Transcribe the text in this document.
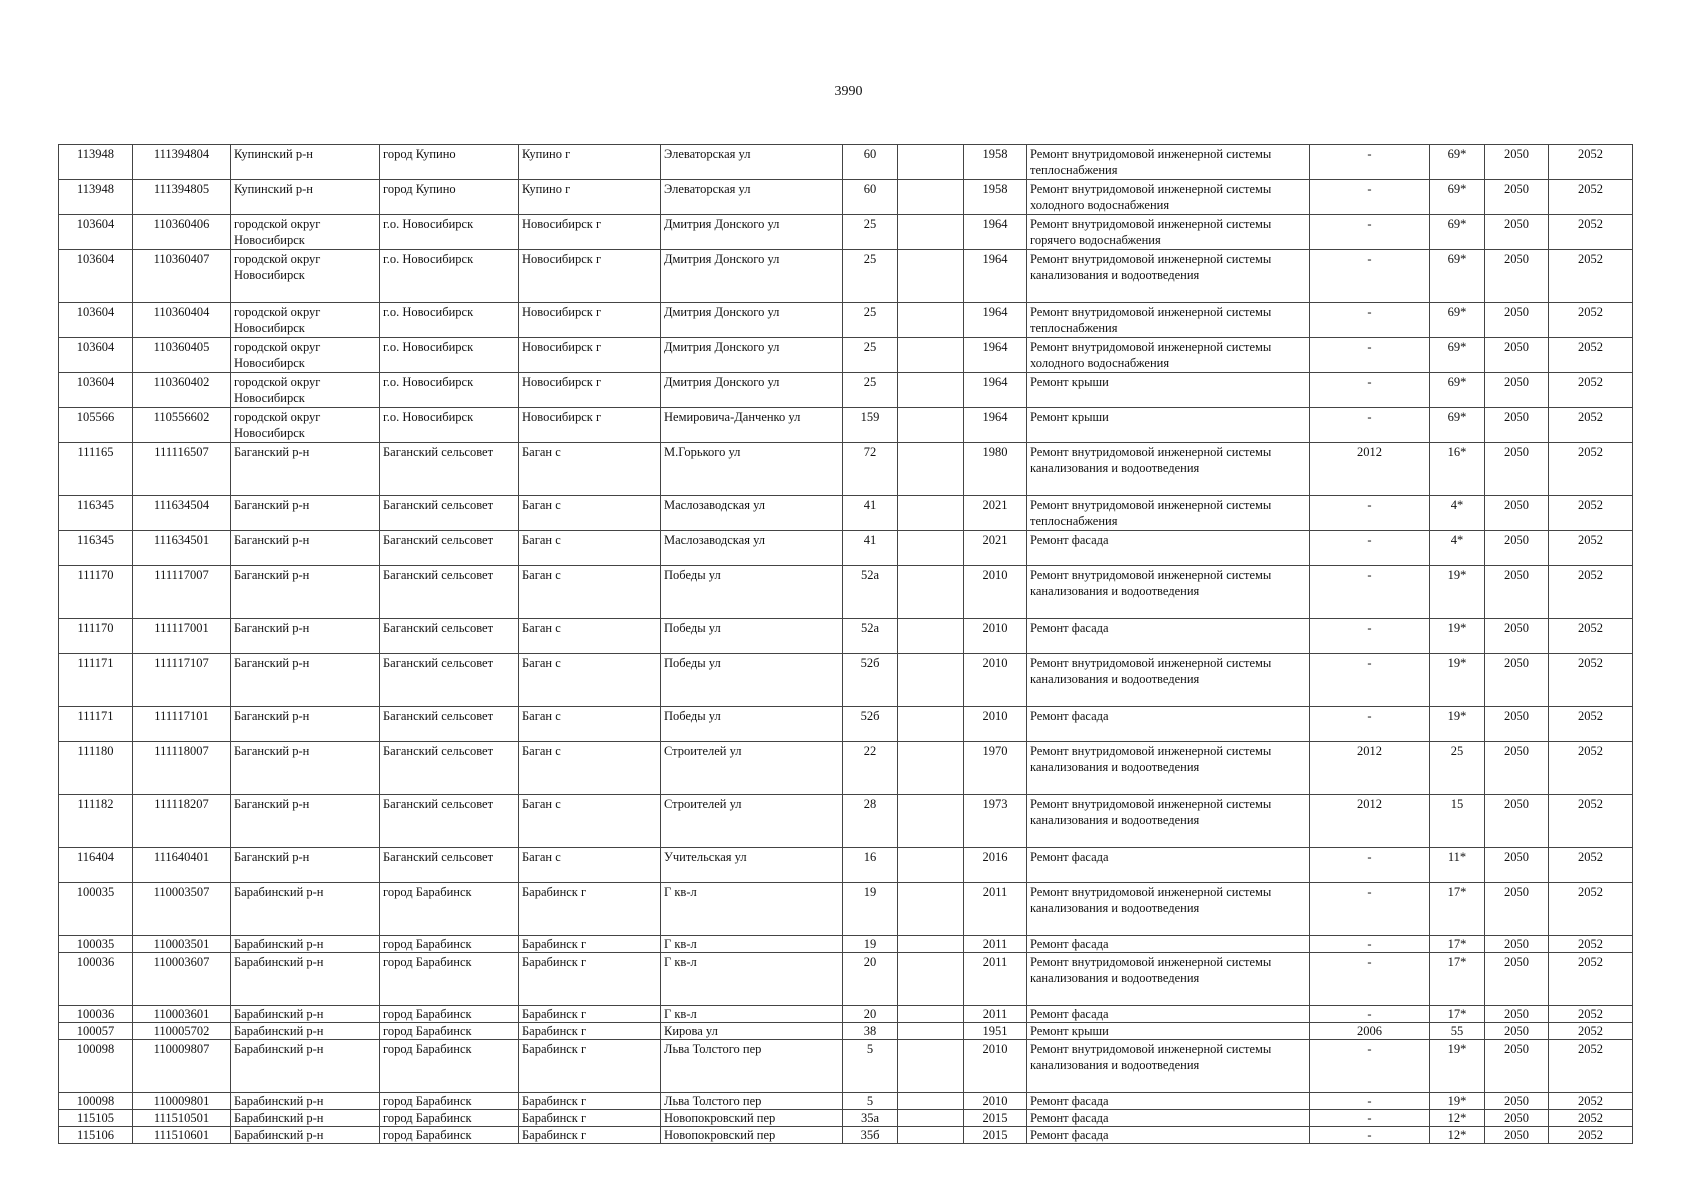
3990
113948	111394804	Купинский р-н	город Купино	Купино г	Элеваторская ул	60		1958	Ремонт внутридомовой инженерной системы теплоснабжения	-	69*	2050	2052
113948	111394805	Купинский р-н	город Купино	Купино г	Элеваторская ул	60		1958	Ремонт внутридомовой инженерной системы холодного водоснабжения	-	69*	2050	2052
103604	110360406	городской округ Новосибирск	г.о. Новосибирск	Новосибирск г	Дмитрия Донского ул	25		1964	Ремонт внутридомовой инженерной системы горячего водоснабжения	-	69*	2050	2052
103604	110360407	городской округ Новосибирск	г.о. Новосибирск	Новосибирск г	Дмитрия Донского ул	25		1964	Ремонт внутридомовой инженерной системы канализования и водоотведения	-	69*	2050	2052
103604	110360404	городской округ Новосибирск	г.о. Новосибирск	Новосибирск г	Дмитрия Донского ул	25		1964	Ремонт внутридомовой инженерной системы теплоснабжения	-	69*	2050	2052
103604	110360405	городской округ Новосибирск	г.о. Новосибирск	Новосибирск г	Дмитрия Донского ул	25		1964	Ремонт внутридомовой инженерной системы холодного водоснабжения	-	69*	2050	2052
103604	110360402	городской округ Новосибирск	г.о. Новосибирск	Новосибирск г	Дмитрия Донского ул	25		1964	Ремонт крыши	-	69*	2050	2052
105566	110556602	городской округ Новосибирск	г.о. Новосибирск	Новосибирск г	Немировича-Данченко ул	159		1964	Ремонт крыши	-	69*	2050	2052
111165	111116507	Баганский р-н	Баганский сельсовет	Баган с	М.Горького ул	72		1980	Ремонт внутридомовой инженерной системы канализования и водоотведения	2012	16*	2050	2052
116345	111634504	Баганский р-н	Баганский сельсовет	Баган с	Маслозаводская ул	41		2021	Ремонт внутридомовой инженерной системы теплоснабжения	-	4*	2050	2052
116345	111634501	Баганский р-н	Баганский сельсовет	Баган с	Маслозаводская ул	41		2021	Ремонт фасада	-	4*	2050	2052
111170	111117007	Баганский р-н	Баганский сельсовет	Баган с	Победы ул	52а		2010	Ремонт внутридомовой инженерной системы канализования и водоотведения	-	19*	2050	2052
111170	111117001	Баганский р-н	Баганский сельсовет	Баган с	Победы ул	52а		2010	Ремонт фасада	-	19*	2050	2052
111171	111117107	Баганский р-н	Баганский сельсовет	Баган с	Победы ул	52б		2010	Ремонт внутридомовой инженерной системы канализования и водоотведения	-	19*	2050	2052
111171	111117101	Баганский р-н	Баганский сельсовет	Баган с	Победы ул	52б		2010	Ремонт фасада	-	19*	2050	2052
111180	111118007	Баганский р-н	Баганский сельсовет	Баган с	Строителей ул	22		1970	Ремонт внутридомовой инженерной системы канализования и водоотведения	2012	25	2050	2052
111182	111118207	Баганский р-н	Баганский сельсовет	Баган с	Строителей ул	28		1973	Ремонт внутридомовой инженерной системы канализования и водоотведения	2012	15	2050	2052
116404	111640401	Баганский р-н	Баганский сельсовет	Баган с	Учительская ул	16		2016	Ремонт фасада	-	11*	2050	2052
100035	110003507	Барабинский р-н	город Барабинск	Барабинск г	Г кв-л	19		2011	Ремонт внутридомовой инженерной системы канализования и водоотведения	-	17*	2050	2052
100035	110003501	Барабинский р-н	город Барабинск	Барабинск г	Г кв-л	19		2011	Ремонт фасада	-	17*	2050	2052
100036	110003607	Барабинский р-н	город Барабинск	Барабинск г	Г кв-л	20		2011	Ремонт внутридомовой инженерной системы канализования и водоотведения	-	17*	2050	2052
100036	110003601	Барабинский р-н	город Барабинск	Барабинск г	Г кв-л	20		2011	Ремонт фасада	-	17*	2050	2052
100057	110005702	Барабинский р-н	город Барабинск	Барабинск г	Кирова ул	38		1951	Ремонт крыши	2006	55	2050	2052
100098	110009807	Барабинский р-н	город Барабинск	Барабинск г	Льва Толстого пер	5		2010	Ремонт внутридомовой инженерной системы канализования и водоотведения	-	19*	2050	2052
100098	110009801	Барабинский р-н	город Барабинск	Барабинск г	Льва Толстого пер	5		2010	Ремонт фасада	-	19*	2050	2052
115105	111510501	Барабинский р-н	город Барабинск	Барабинск г	Новопокровский пер	35а		2015	Ремонт фасада	-	12*	2050	2052
115106	111510601	Барабинский р-н	город Барабинск	Барабинск г	Новопокровский пер	35б		2015	Ремонт фасада	-	12*	2050	2052
